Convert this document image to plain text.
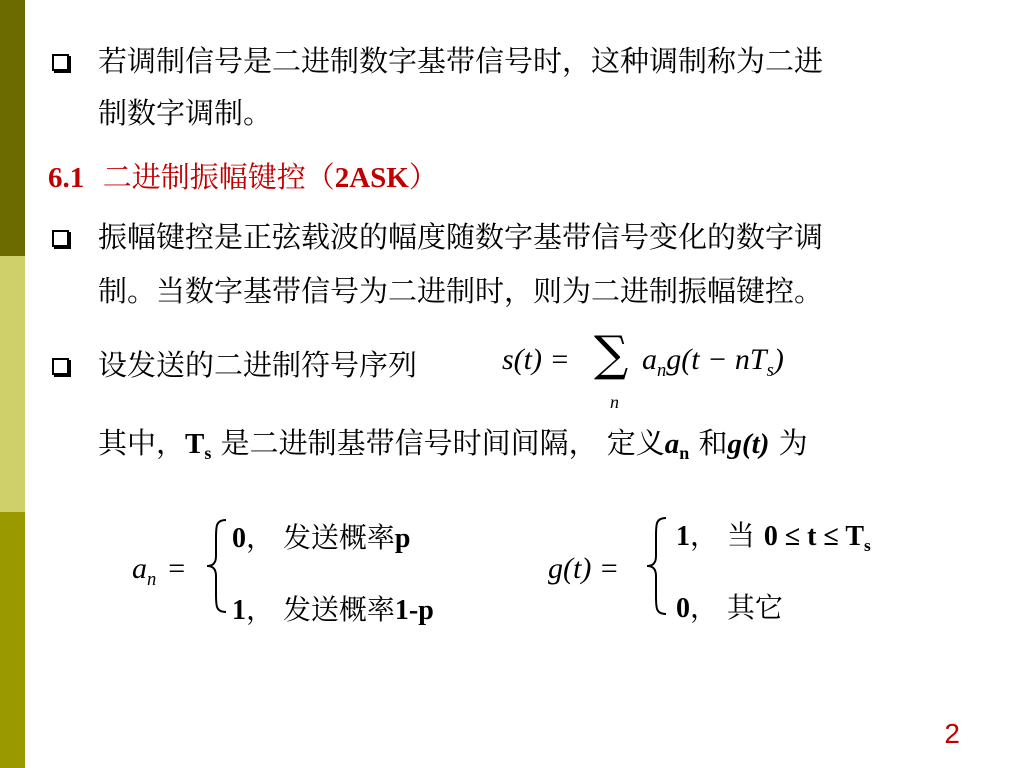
若调制信号是二进制数字基带信号时，这种调制称为二进
制数字调制。
6.1 二进制振幅键控（2ASK）
振幅键控是正弦载波的幅度随数字基带信号变化的数字调
制。当数字基带信号为二进制时，则为二进制振幅键控。
设发送的二进制符号序列	s(t) = ∑
n
$a_ng(t - nT_s)$
其中，$T_s$ 是二进制基带信号时间间隔， 定义$a_n$ 和g(t) 为
$a_n$ =
0， 发送概率p
1， 发送概率1-p
g(t) =
1， 当 $0 \le t \le T_s$
0， 其它
2
